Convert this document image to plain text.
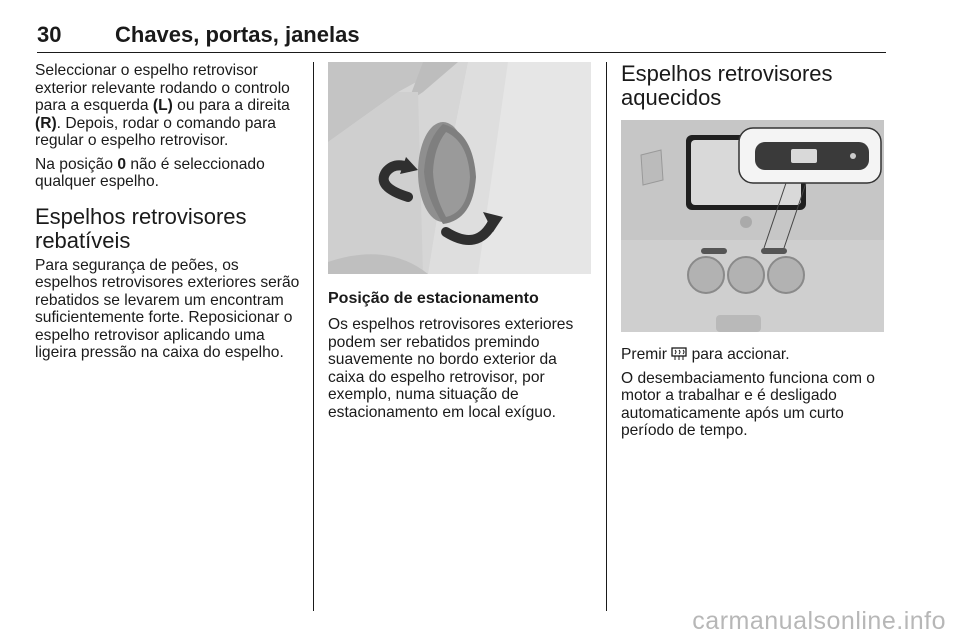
30 Chaves, portas, janelas

Seleccionar o espelho retrovisor exterior relevante rodando o controlo para a esquerda (L) ou para a direita (R). Depois, rodar o comando para regular o espelho retrovisor.

Na posição 0 não é seleccionado qualquer espelho.

Espelhos retrovisores rebatíveis

Para segurança de peões, os espelhos retrovisores exteriores serão rebatidos se levarem um encontram suficientemente forte. Reposicionar o espelho retrovisor aplicando uma ligeira pressão na caixa do espelho.

Posição de estacionamento

Os espelhos retrovisores exteriores podem ser rebatidos premindo suavemente no bordo exterior da caixa do espelho retrovisor, por exemplo, numa situação de estacionamento em local exíguo.

Espelhos retrovisores aquecidos

Premir  para accionar.

O desembaciamento funciona com o motor a trabalhar e é desligado automaticamente após um curto período de tempo.

carmanualsonline.info
